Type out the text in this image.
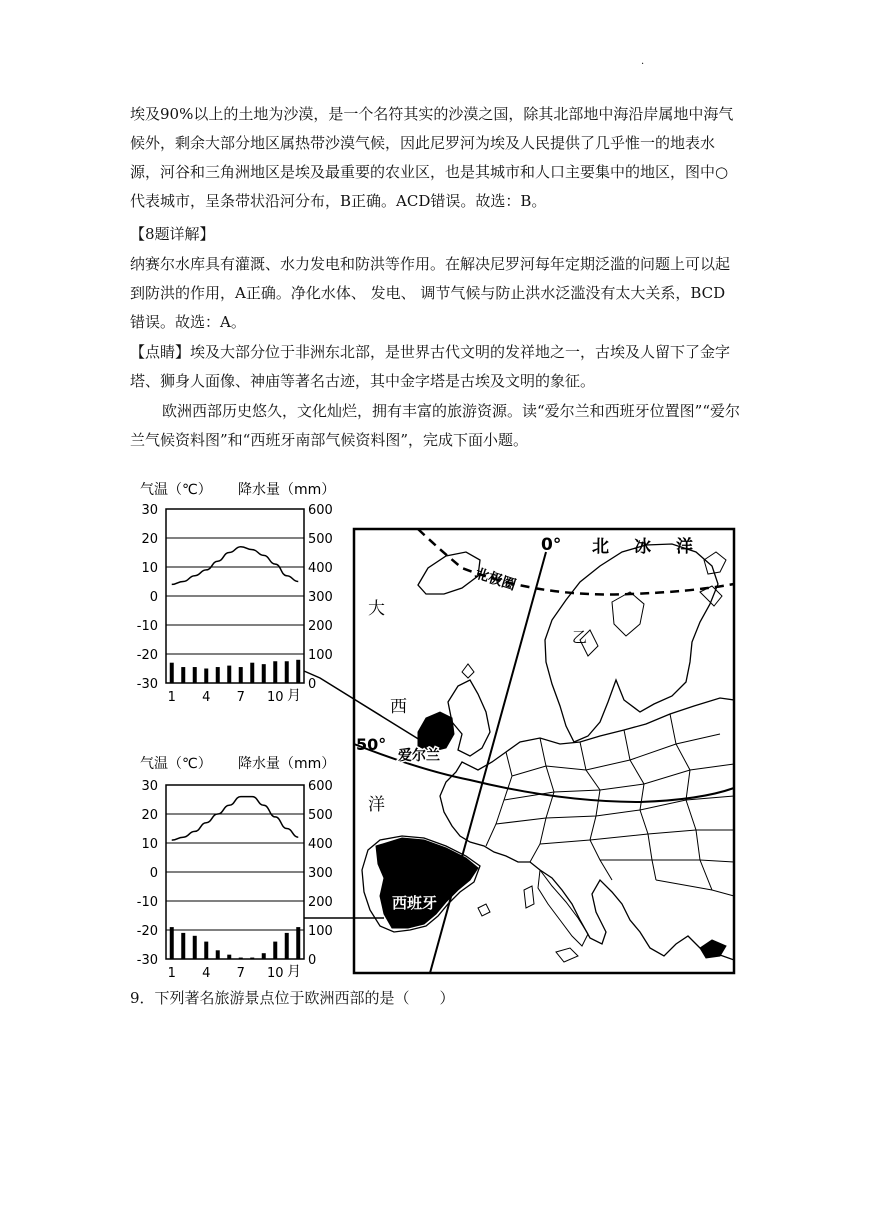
.

埃及90%以上的土地为沙漠，是一个名符其实的沙漠之国，除其北部地中海沿岸属地中海气候外，剩余大部分地区属热带沙漠气候，因此尼罗河为埃及人民提供了几乎惟一的地表水源，河谷和三角洲地区是埃及最重要的农业区，也是其城市和人口主要集中的地区，图中○代表城市，呈条带状沿河分布，B正确。ACD错误。故选：B。

【8题详解】

纳赛尔水库具有灌溉、水力发电和防洪等作用。在解决尼罗河每年定期泛滥的问题上可以起到防洪的作用，A正确。净化水体、 发电、 调节气候与防止洪水泛滥没有太大关系，BCD错误。故选：A。

【点睛】埃及大部分位于非洲东北部，是世界古代文明的发祥地之一，古埃及人留下了金字塔、狮身人面像、神庙等著名古迹，其中金字塔是古埃及文明的象征。

欧洲西部历史悠久，文化灿烂，拥有丰富的旅游资源。读“爱尔兰和西班牙位置图”“爱尔兰气候资料图”和“西班牙南部气候资料图”，完成下面小题。

气温（℃） 降水量（mm）
30
20
10
0
-10
-20
-30
600
500
400
300
200
100
0
1 4 7 10 月
气温（℃） 降水量（mm）
30
20
10
0
-10
-20
-30
600
500
400
300
200
100
0
1 4 7 10 月
0° 北　冰　洋
北极圈
大
西
洋
50°
乙
爱尔兰
西班牙
9．下列著名旅游景点位于欧洲西部的是（　　）
